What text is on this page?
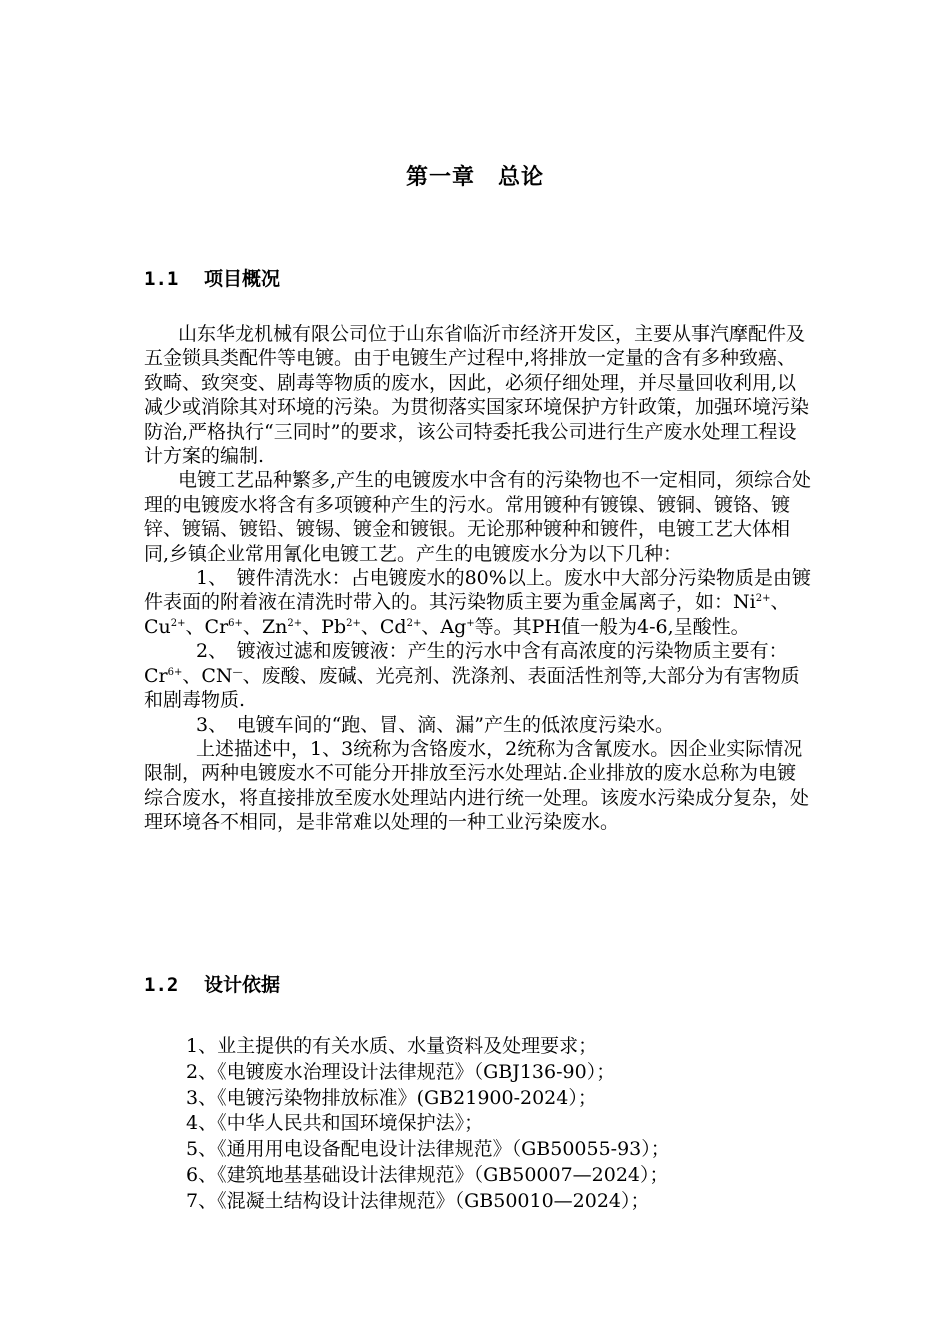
第一章　总论
1.1 项目概况

山东华龙机械有限公司位于山东省临沂市经济开发区，主要从事汽摩配件及五金锁具类配件等电镀。由于电镀生产过程中,将排放一定量的含有多种致癌、致畸、致突变、剧毒等物质的废水，因此，必须仔细处理，并尽量回收利用,以减少或消除其对环境的污染。为贯彻落实国家环境保护方针政策，加强环境污染防治,严格执行“三同时”的要求，该公司特委托我公司进行生产废水处理工程设计方案的编制.

电镀工艺品种繁多,产生的电镀废水中含有的污染物也不一定相同，须综合处理的电镀废水将含有多项镀种产生的污水。常用镀种有镀镍、镀铜、镀铬、镀锌、镀镉、镀铅、镀锡、镀金和镀银。无论那种镀种和镀件，电镀工艺大体相同,乡镇企业常用氰化电镀工艺。产生的电镀废水分为以下几种：

1、　镀件清洗水：占电镀废水的80%以上。废水中大部分污染物质是由镀件表面的附着液在清洗时带入的。其污染物质主要为重金属离子，如：$Ni^{2+}$、$Cu^{2+}$、$Cr^{6+}$、$Zn^{2+}$、$Pb^{2+}$、$Cd^{2+}$、Ag+等。其PH值一般为4-6,呈酸性。

2、　镀液过滤和废镀液：产生的污水中含有高浓度的污染物质主要有：$Cr^{6+}$、CN—、废酸、废碱、光亮剂、洗涤剂、表面活性剂等,大部分为有害物质和剧毒物质.

3、　电镀车间的“跑、冒、滴、漏”产生的低浓度污染水。

上述描述中，1、3统称为含铬废水，2统称为含氰废水。因企业实际情况限制，两种电镀废水不可能分开排放至污水处理站.企业排放的废水总称为电镀综合废水，将直接排放至废水处理站内进行统一处理。该废水污染成分复杂，处理环境各不相同，是非常难以处理的一种工业污染废水。

1.2 设计依据
1、业主提供的有关水质、水量资料及处理要求；
2、《电镀废水治理设计法律规范》（GBJ136-90）；
3、《电镀污染物排放标准》(GB21900-2024）；
4、《中华人民共和国环境保护法》；
5、《通用用电设备配电设计法律规范》（GB50055-93）；
6、《建筑地基基础设计法律规范》（GB50007—2024）；
7、《混凝土结构设计法律规范》（GB50010—2024）；
